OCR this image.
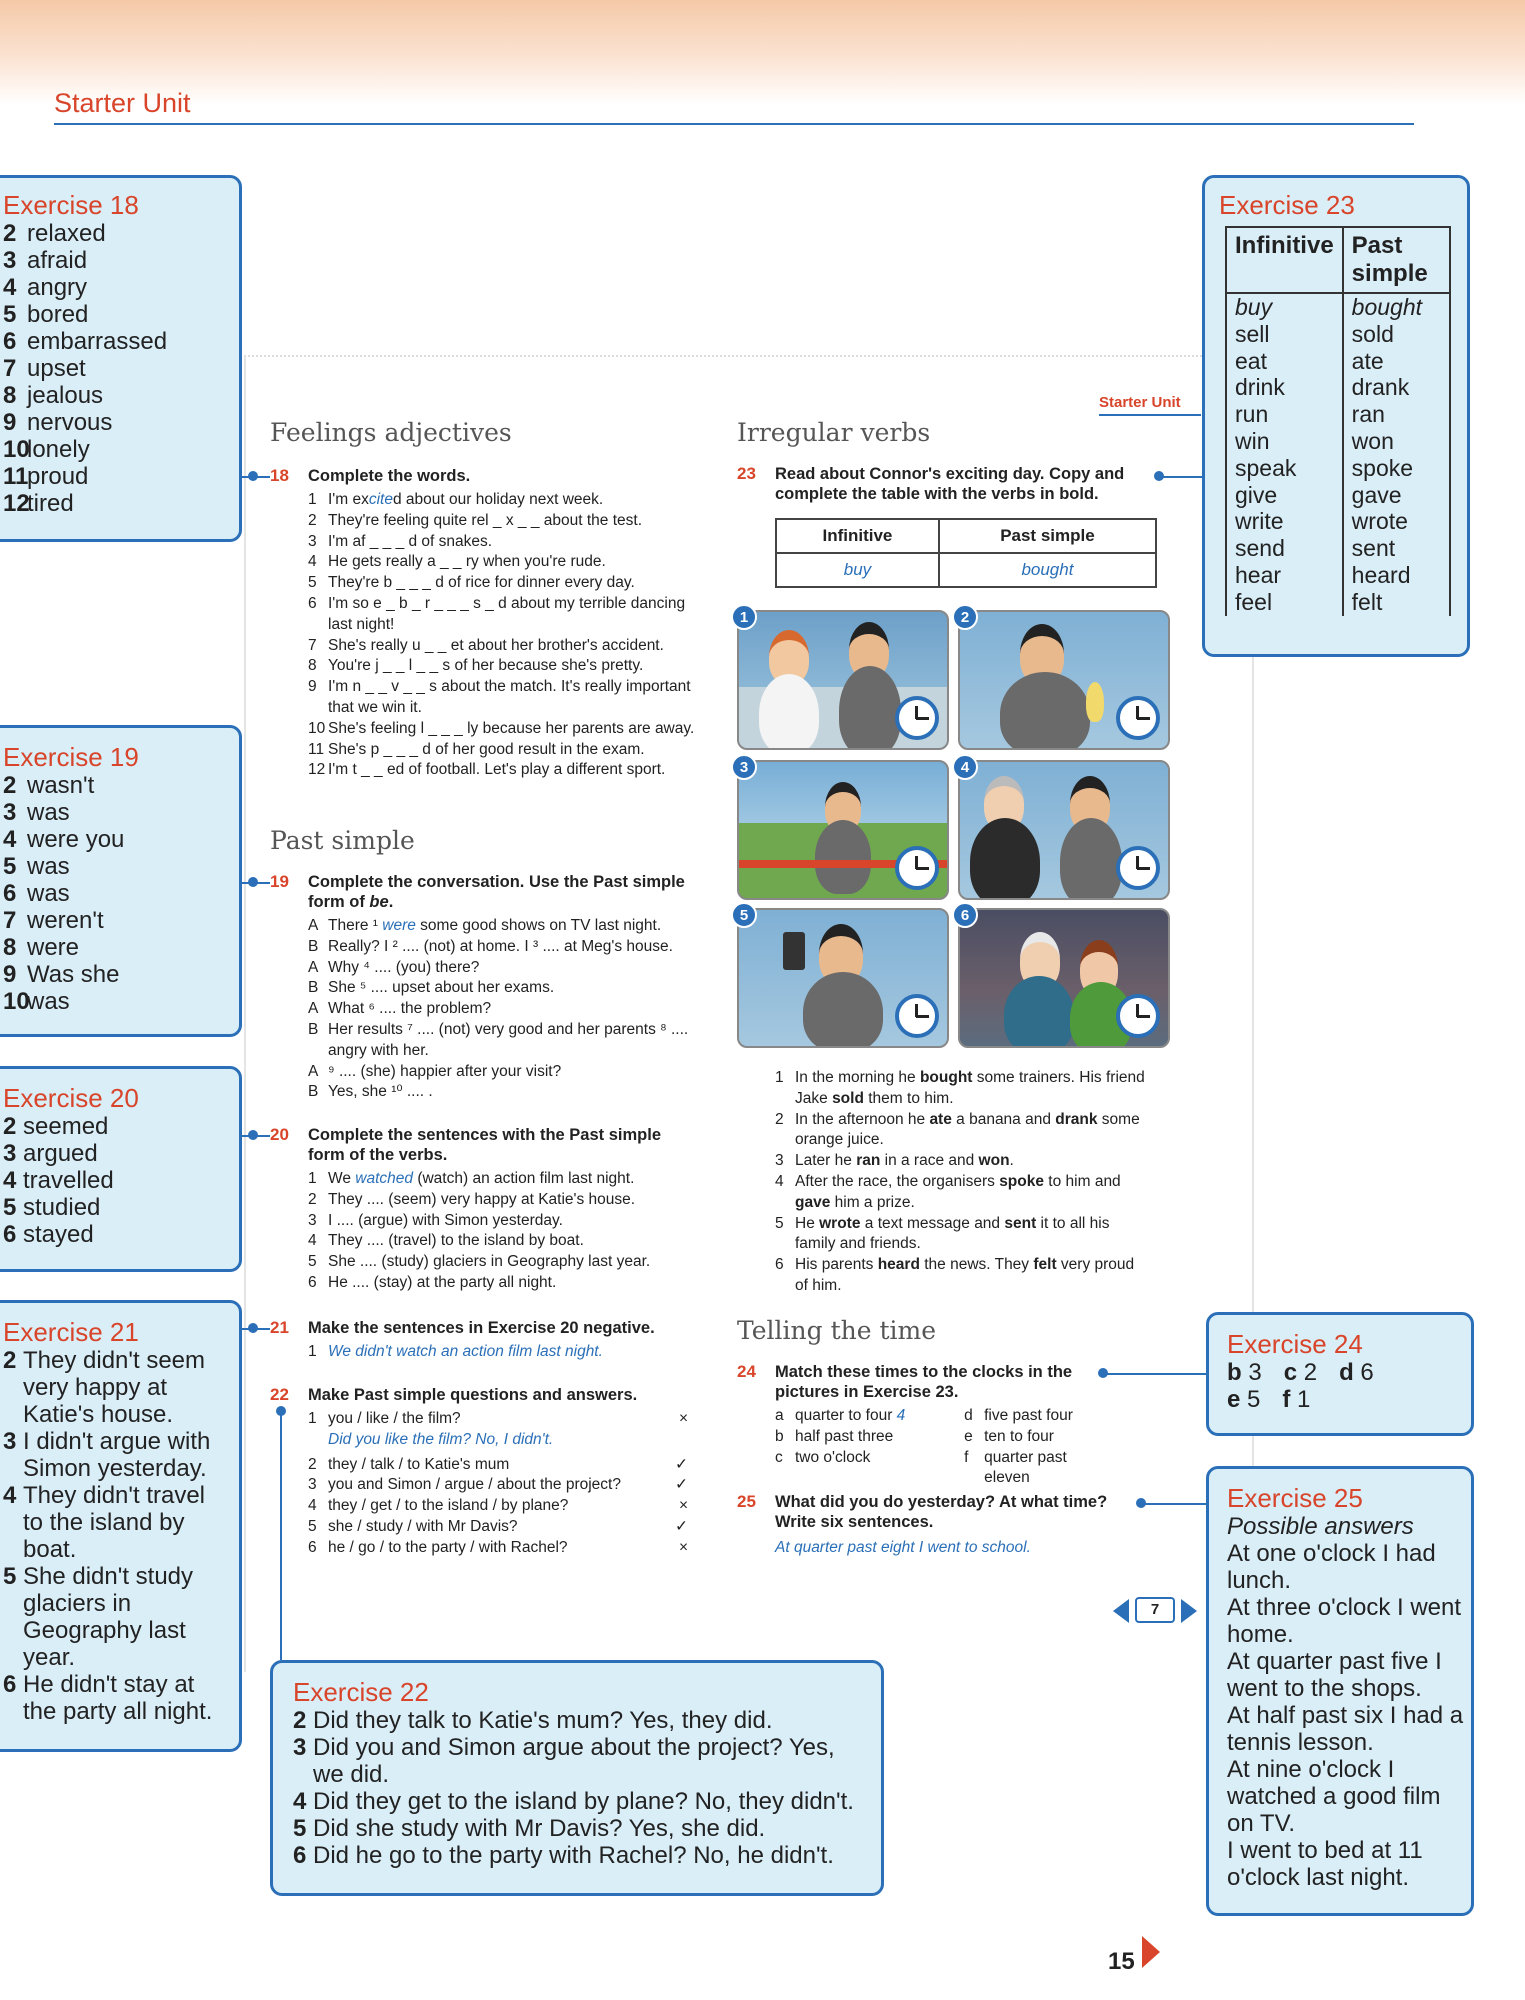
Starter Unit
Starter Unit
Feelings adjectives
Past simple
Irregular verbs
Telling the time
18 Complete the words.
1 I'm excited about our holiday next week.
2 They're feeling quite rel _ x _ _ about the test.
3 I'm af _ _ _ d of snakes.
4 He gets really a _ _ ry when you're rude.
5 They're b _ _ _ d of rice for dinner every day.
6 I'm so e _ b _ r _ _ _ s _ d about my terrible dancing last night!
7 She's really u _ _ et about her brother's accident.
8 You're j _ _ l _ _ s of her because she's pretty.
9 I'm n _ _ v _ _ s about the match. It's really important that we win it.
10 She's feeling l _ _ _ ly because her parents are away.
11 She's p _ _ _ d of her good result in the exam.
12 I'm t _ _ ed of football. Let's play a different sport.
19 Complete the conversation. Use the Past simple form of be.
A There ¹ were some good shows on TV last night.
B Really? I ² .... (not) at home. I ³ .... at Meg's house.
A Why ⁴ .... (you) there?
B She ⁵ .... upset about her exams.
A What ⁶ .... the problem?
B Her results ⁷ .... (not) very good and her parents ⁸ .... angry with her.
A ⁹ .... (she) happier after your visit?
B Yes, she ¹⁰ .... .
20 Complete the sentences with the Past simple form of the verbs.
1 We watched (watch) an action film last night.
2 They .... (seem) very happy at Katie's house.
3 I .... (argue) with Simon yesterday.
4 They .... (travel) to the island by boat.
5 She .... (study) glaciers in Geography last year.
6 He .... (stay) at the party all night.
21 Make the sentences in Exercise 20 negative.
1 We didn't watch an action film last night.
22 Make Past simple questions and answers.
1 you / like / the film?	×
Did you like the film? No, I didn't.
2 they / talk / to Katie's mum	✓
3 you and Simon / argue / about the project?	✓
4 they / get / to the island / by plane?	×
5 she / study / with Mr Davis?	✓
6 he / go / to the party / with Rachel?	×
23 Read about Connor's exciting day. Copy and complete the table with the verbs in bold.
Infinitive	Past simple
buy	bought
1	2
3	4
5	6
1 In the morning he bought some trainers. His friend Jake sold them to him.
2 In the afternoon he ate a banana and drank some orange juice.
3 Later he ran in a race and won.
4 After the race, the organisers spoke to him and gave him a prize.
5 He wrote a text message and sent it to all his family and friends.
6 His parents heard the news. They felt very proud of him.
24 Match these times to the clocks in the pictures in Exercise 23.
a quarter to four 4
b half past three
c two o'clock
d five past four
e ten to four
f	quarter past eleven
25 What did you do yesterday? At what time? Write six sentences.
At quarter past eight I went to school.
7
Exercise 18
2 relaxed
3 afraid
4 angry
5 bored
6 embarrassed
7 upset
8 jealous
9 nervous
10
lonely
11
proud
12
tired
Exercise 19
2 wasn't
3 was
4 were you
5 was
6 was
7 weren't
8 were
9 Was she
10
was
Exercise 20
2 seemed
3 argued
4 travelled
5 studied
6 stayed
Exercise 21
2 They didn't seem very happy at Katie's house.
3 I didn't argue with Simon yesterday.
4 They didn't travel to the island by boat.
5 She didn't study glaciers in Geography last year.
6 He didn't stay at the party all night.
Exercise 22
2 Did they talk to Katie's mum? Yes, they did.
3 Did you and Simon argue about the project? Yes, we did.
4 Did they get to the island by plane? No, they didn't.
5 Did she study with Mr Davis? Yes, she did.
6 Did he go to the party with Rachel? No, he didn't.
Exercise 23
Infinitive	Past simple
buy	bought
sell	sold
eat	ate
drink	drank
run	ran
win	won
speak	spoke
give	gave
write	wrote
send	sent
hear	heard
feel	felt
Exercise 24
b 3 c 2 d 6
e 5 f 1
Exercise 25
Possible answers
At one o'clock I had lunch.
At three o'clock I went home.
At quarter past five I went to the shops.
At half past six I had a tennis lesson.
At nine o'clock I watched a good film on TV.
I went to bed at 11 o'clock last night.
15
